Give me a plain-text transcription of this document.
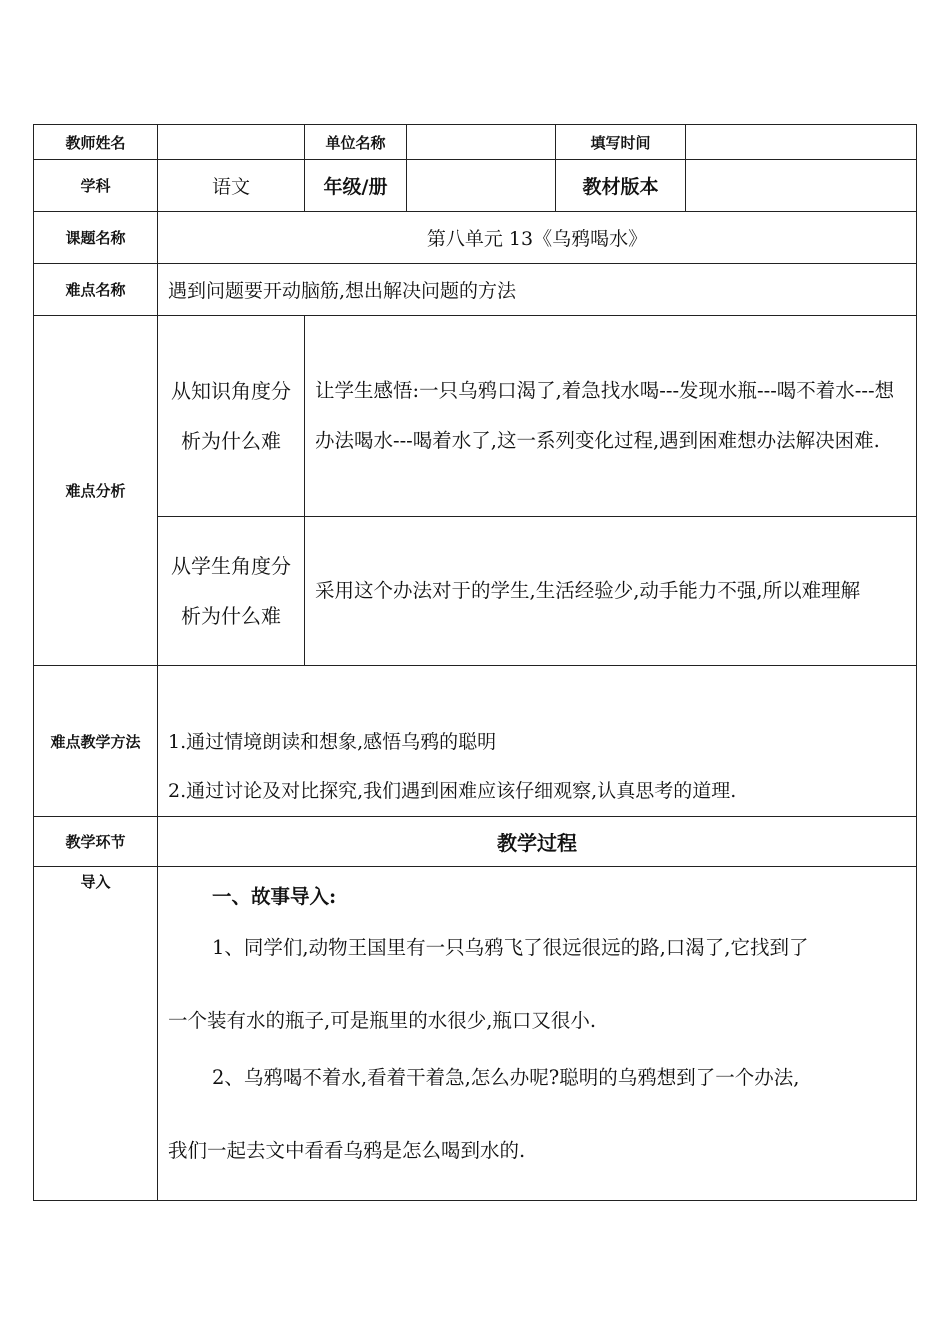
教师姓名		单位名称		填写时间	
学科	语文	年级/册		教材版本	
课题名称	第八单元 13《乌鸦喝水》				
难点名称	遇到问题要开动脑筋,想出解决问题的方法				
难点分析	从知识角度分析为什么难	让学生感悟:一只乌鸦口渴了,着急找水喝---发现水瓶---喝不着水---想办法喝水---喝着水了,这一系列变化过程,遇到困难想办法解决困难.			
	从学生角度分析为什么难	采用这个办法对于的学生,生活经验少,动手能力不强,所以难理解			
难点教学方法	1.通过情境朗读和想象,感悟乌鸦的聪明
2.通过讨论及对比探究,我们遇到困难应该仔细观察,认真思考的道理.				

教学环节	教学过程				
导入	一、故事导入:

1、同学们,动物王国里有一只乌鸦飞了很远很远的路,口渴了,它找到了

一个装有水的瓶子,可是瓶里的水很少,瓶口又很小.

2、乌鸦喝不着水,看着干着急,怎么办呢?聪明的乌鸦想到了一个办法,

我们一起去文中看看乌鸦是怎么喝到水的.				
